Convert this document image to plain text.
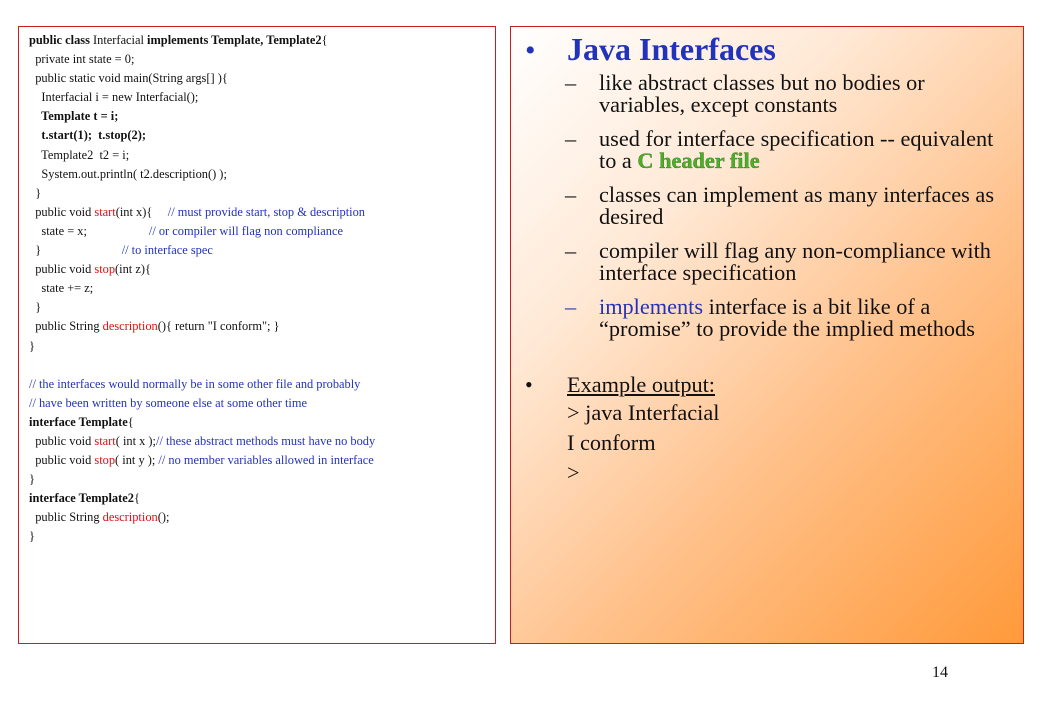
public class Interfacial implements Template, Template2{
private int state = 0;
public static void main(String args[] ){
Interfacial i = new Interfacial();
Template t = i;
t.start(1);  t.stop(2);
Template2  t2 = i;
System.out.println( t2.description() );
}
public void start(int x){     // must provide start, stop & description
state = x;                    // or compiler will flag non compliance
}                          // to interface spec
public void stop(int z){
state += z;
}
public String description(){ return "I conform"; }
}

// the interfaces would normally be in some other file and probably
// have been written by someone else at some other time
interface Template{
public void start( int x );// these abstract methods must have no body
public void stop( int y ); // no member variables allowed in interface
}
interface Template2{
public String description();
}
• Java Interfaces
– like abstract classes but no bodies or variables, except constants
– used for interface specification -- equivalent to a C header file
– classes can implement as many interfaces as desired
– compiler will flag any non-compliance with interface specification
– implements interface is a bit like of a “promise” to provide the implied methods
•	Example output:
> java Interfacial
I conform
>
14
